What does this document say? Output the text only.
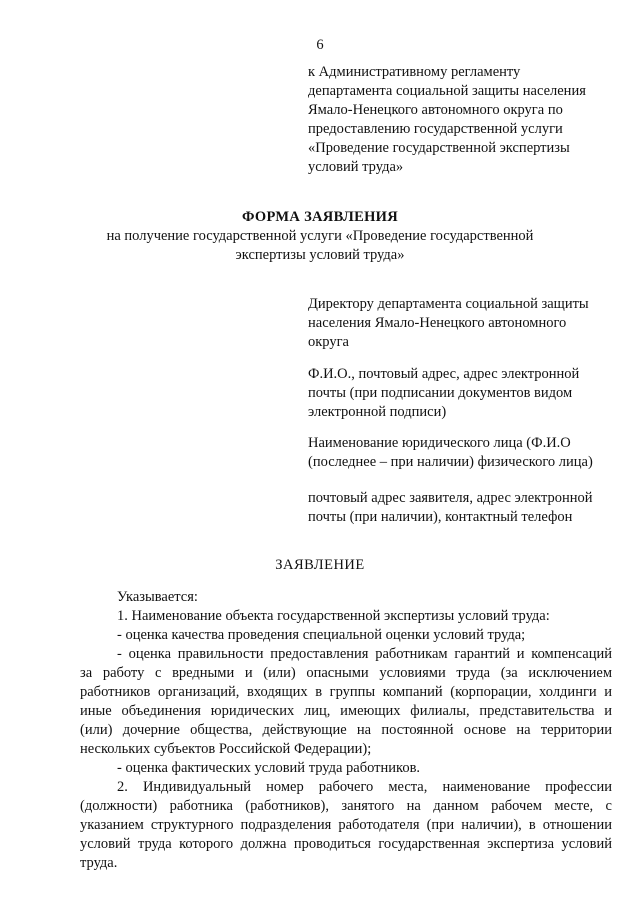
6
к Административному регламенту
департамента социальной защиты населения
Ямало-Ненецкого автономного округа по
предоставлению государственной услуги
«Проведение государственной экспертизы
условий труда»
ФОРМА ЗАЯВЛЕНИЯ
на получение государственной услуги «Проведение государственной
экспертизы условий труда»
Директору департамента социальной защиты
населения Ямало-Ненецкого автономного
округа
Ф.И.О., почтовый адрес, адрес электронной
почты (при подписании документов видом
электронной подписи)
Наименование юридического лица (Ф.И.О
(последнее – при наличии) физического лица)
почтовый адрес заявителя, адрес электронной
почты (при наличии), контактный телефон
ЗАЯВЛЕНИЕ
Указывается:
1. Наименование объекта государственной экспертизы условий труда:
- оценка качества проведения специальной оценки условий труда;
- оценка правильности предоставления работникам гарантий и компенсаций
за работу с вредными и (или) опасными условиями труда (за исключением
работников организаций, входящих в группы компаний (корпорации, холдинги и
иные объединения юридических лиц, имеющих филиалы, представительства и
(или) дочерние общества, действующие на постоянной основе на территории
нескольких субъектов Российской Федерации);
- оценка фактических условий труда работников.
2. Индивидуальный номер рабочего места, наименование профессии
(должности) работника (работников), занятого на данном рабочем месте, с
указанием структурного подразделения работодателя (при наличии), в отношении
условий труда которого должна проводиться государственная экспертиза условий
труда.
